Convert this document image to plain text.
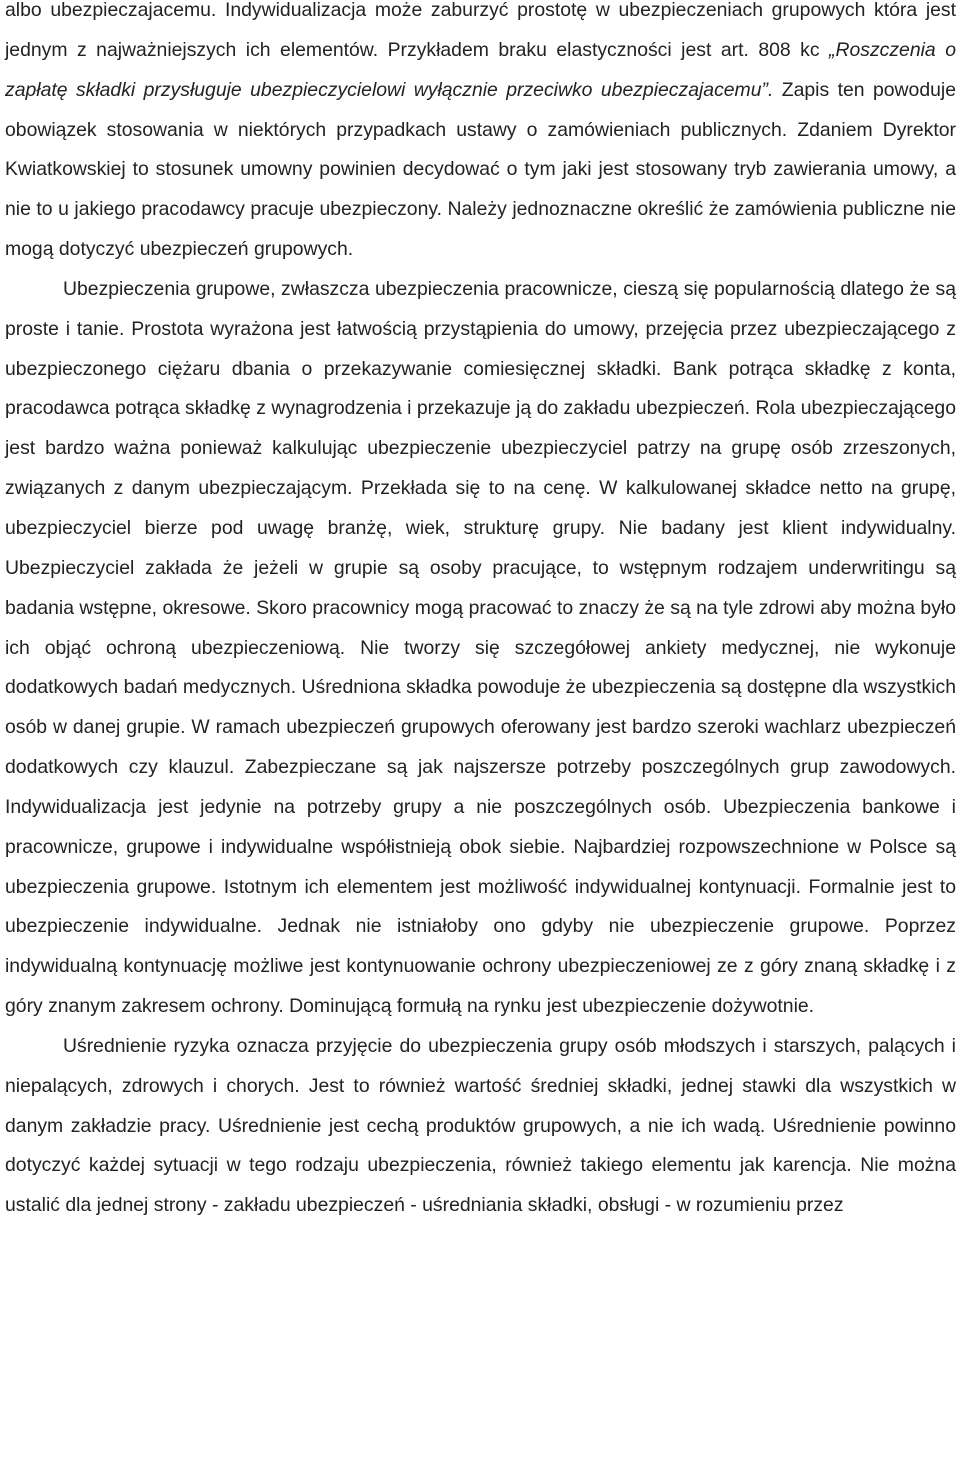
albo ubezpieczajacemu. Indywidualizacja może zaburzyć prostotę w ubezpieczeniach grupowych która jest jednym z najważniejszych ich elementów. Przykładem braku elastyczności jest art. 808 kc „Roszczenia o zapłatę składki przysługuje ubezpieczycielowi wyłącznie przeciwko ubezpieczajacemu”. Zapis ten powoduje obowiązek stosowania w niektórych przypadkach ustawy o zamówieniach publicznych. Zdaniem Dyrektor Kwiatkowskiej to stosunek umowny powinien decydować o tym jaki jest stosowany tryb zawierania umowy, a nie to u jakiego pracodawcy pracuje ubezpieczony. Należy jednoznaczne określić że zamówienia publiczne nie mogą dotyczyć ubezpieczeń grupowych.

Ubezpieczenia grupowe, zwłaszcza ubezpieczenia pracownicze, cieszą się popularnością dlatego że są proste i tanie. Prostota wyrażona jest łatwością przystąpienia do umowy, przejęcia przez ubezpieczającego z ubezpieczonego ciężaru dbania o przekazywanie comiesięcznej składki. Bank potrąca składkę z konta, pracodawca potrąca składkę z wynagrodzenia i przekazuje ją do zakładu ubezpieczeń. Rola ubezpieczającego jest bardzo ważna ponieważ kalkulując ubezpieczenie ubezpieczyciel patrzy na grupę osób zrzeszonych, związanych z danym ubezpieczającym. Przekłada się to na cenę. W kalkulowanej składce netto na grupę, ubezpieczyciel bierze pod uwagę branżę, wiek, strukturę grupy. Nie badany jest klient indywidualny. Ubezpieczyciel zakłada że jeżeli w grupie są osoby pracujące, to wstępnym rodzajem underwritingu są badania wstępne, okresowe. Skoro pracownicy mogą pracować to znaczy że są na tyle zdrowi aby można było ich objąć ochroną ubezpieczeniową. Nie tworzy się szczegółowej ankiety medycznej, nie wykonuje dodatkowych badań medycznych. Uśredniona składka powoduje że ubezpieczenia są dostępne dla wszystkich osób w danej grupie. W ramach ubezpieczeń grupowych oferowany jest bardzo szeroki wachlarz ubezpieczeń dodatkowych czy klauzul. Zabezpieczane są jak najszersze potrzeby poszczególnych grup zawodowych. Indywidualizacja jest jedynie na potrzeby grupy a nie poszczególnych osób. Ubezpieczenia bankowe i pracownicze, grupowe i indywidualne współistnieją obok siebie. Najbardziej rozpowszechnione w Polsce są ubezpieczenia grupowe. Istotnym ich elementem jest możliwość indywidualnej kontynuacji. Formalnie jest to ubezpieczenie indywidualne. Jednak nie istniałoby ono gdyby nie ubezpieczenie grupowe. Poprzez indywidualną kontynuację możliwe jest kontynuowanie ochrony ubezpieczeniowej ze z góry znaną składkę i z góry znanym zakresem ochrony. Dominującą formułą na rynku jest ubezpieczenie dożywotnie.

Uśrednienie ryzyka oznacza przyjęcie do ubezpieczenia grupy osób młodszych i starszych, palących i niepalących, zdrowych i chorych. Jest to również wartość średniej składki, jednej stawki dla wszystkich w danym zakładzie pracy. Uśrednienie jest cechą produktów grupowych, a nie ich wadą. Uśrednienie powinno dotyczyć każdej sytuacji w tego rodzaju ubezpieczenia, również takiego elementu jak karencja. Nie można ustalić dla jednej strony - zakładu ubezpieczeń - uśredniania składki, obsługi - w rozumieniu przez
